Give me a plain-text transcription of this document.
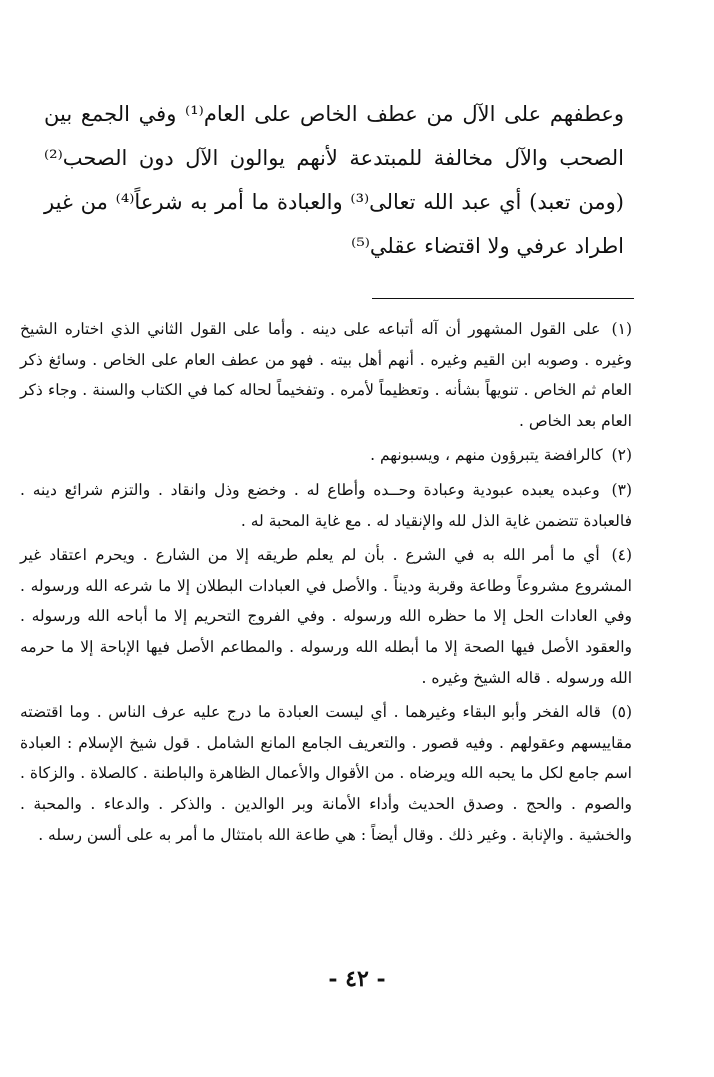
وعطفهم على الآل من عطف الخاص على العام⁽¹⁾ وفي الجمع بين الصحب والآل مخالفة للمبتدعة لأنهم يوالون الآل دون الصحب⁽²⁾ (ومن تعبد) أي عبد الله تعالى⁽³⁾ والعبادة ما أمر به شرعاً⁽⁴⁾ من غير اطراد عرفي ولا اقتضاء عقلي⁽⁵⁾

(١) على القول المشهور أن آله أتباعه على دينه . وأما على القول الثاني الذي اختاره الشيخ وغيره . وصوبه ابن القيم وغيره . أنهم أهل بيته . فهو من عطف العام على الخاص . وسائغ ذكر العام ثم الخاص . تنويهاً بشأنه . وتعظيماً لأمره . وتفخيماً لحاله كما في الكتاب والسنة . وجاء ذكر العام بعد الخاص .

(٢) كالرافضة يتبرؤون منهم ، ويسبونهم .

(٣) وعبده يعبده عبودية وعبادة وحــده وأطاع له . وخضع وذل وانقاد . والتزم شرائع دينه . فالعبادة تتضمن غاية الذل لله والإنقياد له . مع غاية المحبة له .

(٤) أي ما أمر الله به في الشرع . بأن لم يعلم طريقه إلا من الشارع . ويحرم اعتقاد غير المشروع مشروعاً وطاعة وقربة وديناً . والأصل في العبادات البطلان إلا ما شرعه الله ورسوله . وفي العادات الحل إلا ما حظره الله ورسوله . وفي الفروج التحريم إلا ما أباحه الله ورسوله . والعقود الأصل فيها الصحة إلا ما أبطله الله ورسوله . والمطاعم الأصل فيها الإباحة إلا ما حرمه الله ورسوله . قاله الشيخ وغيره .

(٥) قاله الفخر وأبو البقاء وغيرهما . أي ليست العبادة ما درج عليه عرف الناس . وما اقتضته مقاييسهم وعقولهم . وفيه قصور . والتعريف الجامع المانع الشامل . قول شيخ الإسلام : العبادة اسم جامع لكل ما يحبه الله ويرضاه . من الأقوال والأعمال الظاهرة والباطنة . كالصلاة . والزكاة . والصوم . والحج . وصدق الحديث وأداء الأمانة وبر الوالدين . والذكر . والدعاء . والمحبة . والخشية . والإنابة . وغير ذلك . وقال أيضاً : هي طاعة الله بامتثال ما أمر به على ألسن رسله .

- ٤٢ -
